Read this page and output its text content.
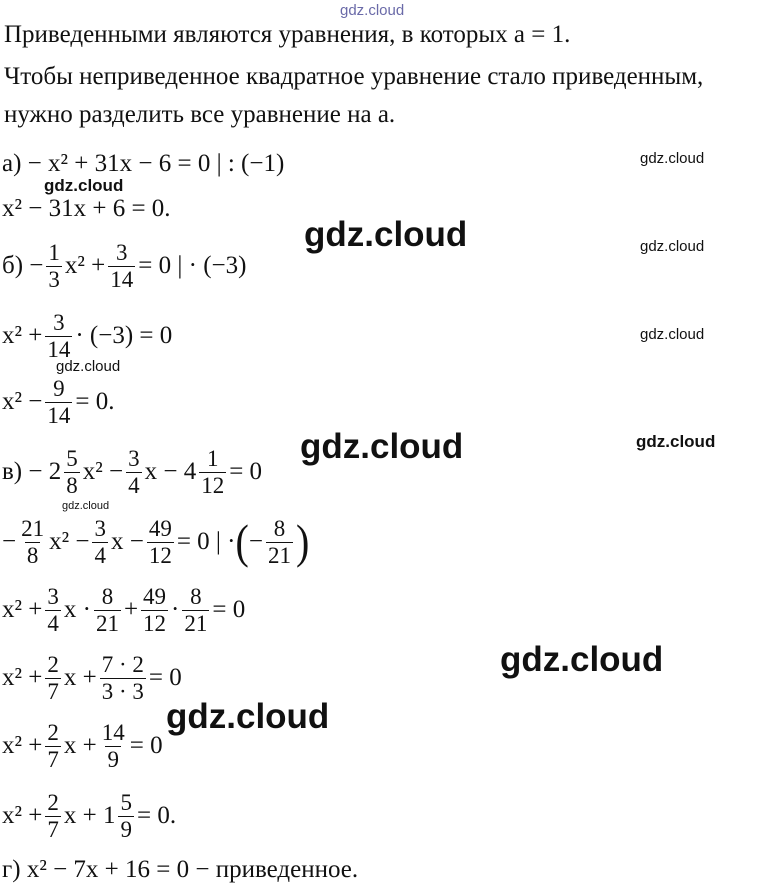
gdz.cloud
gdz.cloud
gdz.cloud
gdz.cloud	gdz.cloud
gdz.cloud
gdz.cloud
gdz.cloud	gdz.cloud
gdz.cloud
gdz.cloud
gdz.cloud
Приведенными являются уравнения, в которых a = 1.
Чтобы неприведенное квадратное уравнение стало приведенным,
нужно разделить все уравнение на a.
а) − x² + 31x − 6 = 0 | : (−1)
x² − 31x + 6 = 0.
$б) - \frac{1}{3} x^2 + \frac{3}{14} = 0$ | · (−3)
$x^2 + \frac{3}{14} \cdot (-3) = 0$
$x^2 - \frac{9}{14} = 0$.
$в) - 2 \frac{5}{8} x^2 - \frac{3}{4}$ $x - 4 \frac{1}{12} = 0$
− $\frac{21}{8} x^2 - \frac{3}{4}$ $x - \frac{49}{12} = 0$ | · ( − $\frac{8}{21}$ )
$x^2 + \frac{3}{4}$ $x \cdot \frac{8}{21} + \frac{49}{12} \cdot \frac{8}{21} = 0$
$x^2 + \frac{2}{7}$ $x + \frac{7 \cdot 2}{3 \cdot 3} = 0$
$x^2 + \frac{2}{7}$ $x + \frac{14}{9} = 0$
$x^2 + \frac{2}{7}$ $x + 1 \frac{5}{9} = 0$.
г) x² − 7x + 16 = 0 − приведенное.
